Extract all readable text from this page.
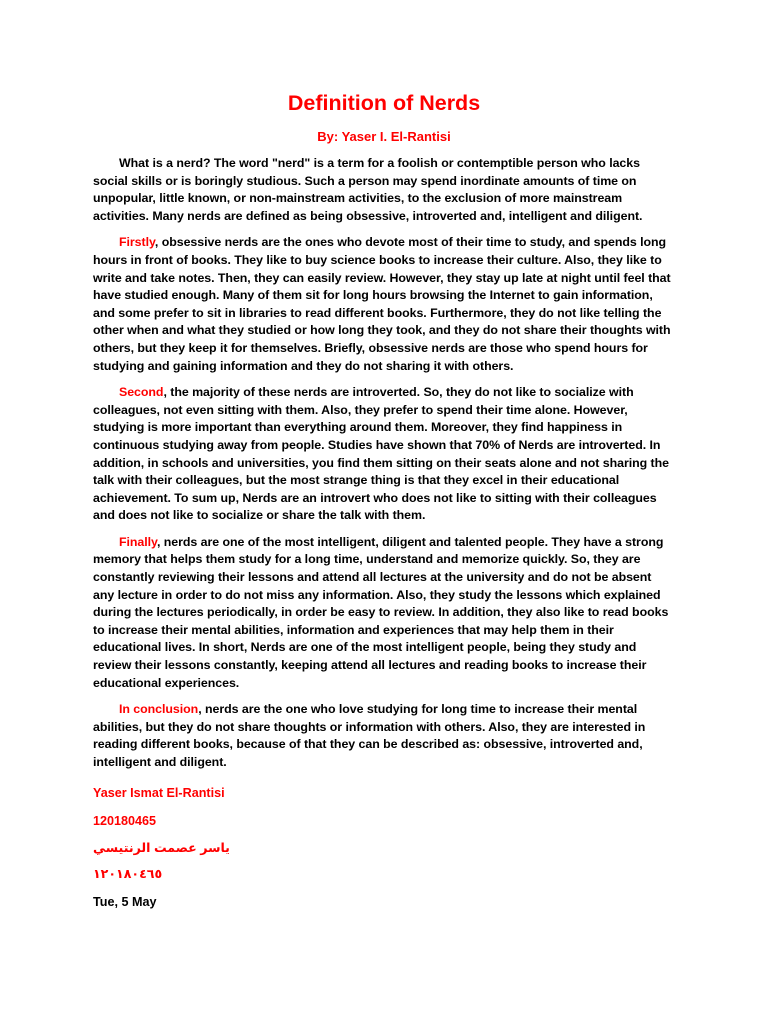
Definition of Nerds

By: Yaser I. El-Rantisi

What is a nerd? The word "nerd" is a term for a foolish or contemptible person who lacks social skills or is boringly studious. Such a person may spend inordinate amounts of time on unpopular, little known, or non-mainstream activities, to the exclusion of more mainstream activities. Many nerds are defined as being obsessive, introverted and, intelligent and diligent.

Firstly, obsessive nerds are the ones who devote most of their time to study, and spends long hours in front of books. They like to buy science books to increase their culture. Also, they like to write and take notes. Then, they can easily review. However, they stay up late at night until feel that have studied enough. Many of them sit for long hours browsing the Internet to gain information, and some prefer to sit in libraries to read different books. Furthermore, they do not like telling the other when and what they studied or how long they took, and they do not share their thoughts with others, but they keep it for themselves. Briefly, obsessive nerds are those who spend hours for studying and gaining information and they do not sharing it with others.

Second, the majority of these nerds are introverted. So, they do not like to socialize with colleagues, not even sitting with them. Also, they prefer to spend their time alone. However, studying is more important than everything around them. Moreover, they find happiness in continuous studying away from people. Studies have shown that 70% of Nerds are introverted. In addition, in schools and universities, you find them sitting on their seats alone and not sharing the talk with their colleagues, but the most strange thing is that they excel in their educational achievement. To sum up, Nerds are an introvert who does not like to sitting with their colleagues and does not like to socialize or share the talk with them.

Finally, nerds are one of the most intelligent, diligent and talented people. They have a strong memory that helps them study for a long time, understand and memorize quickly. So, they are constantly reviewing their lessons and attend all lectures at the university and do not be absent any lecture in order to do not miss any information. Also, they study the lessons which explained during the lectures periodically, in order be easy to review. In addition, they also like to read books to increase their mental abilities, information and experiences that may help them in their educational lives. In short, Nerds are one of the most intelligent people, being they study and review their lessons constantly, keeping attend all lectures and reading books to increase their educational experiences.

In conclusion, nerds are the one who love studying for long time to increase their mental abilities, but they do not share thoughts or information with others. Also, they are interested in reading different books, because of that they can be described as: obsessive, introverted and, intelligent and diligent.

Yaser Ismat El-Rantisi

120180465

ياسر عصمت الرنتيسي

١٢٠١٨٠٤٦٥

Tue, 5 May
